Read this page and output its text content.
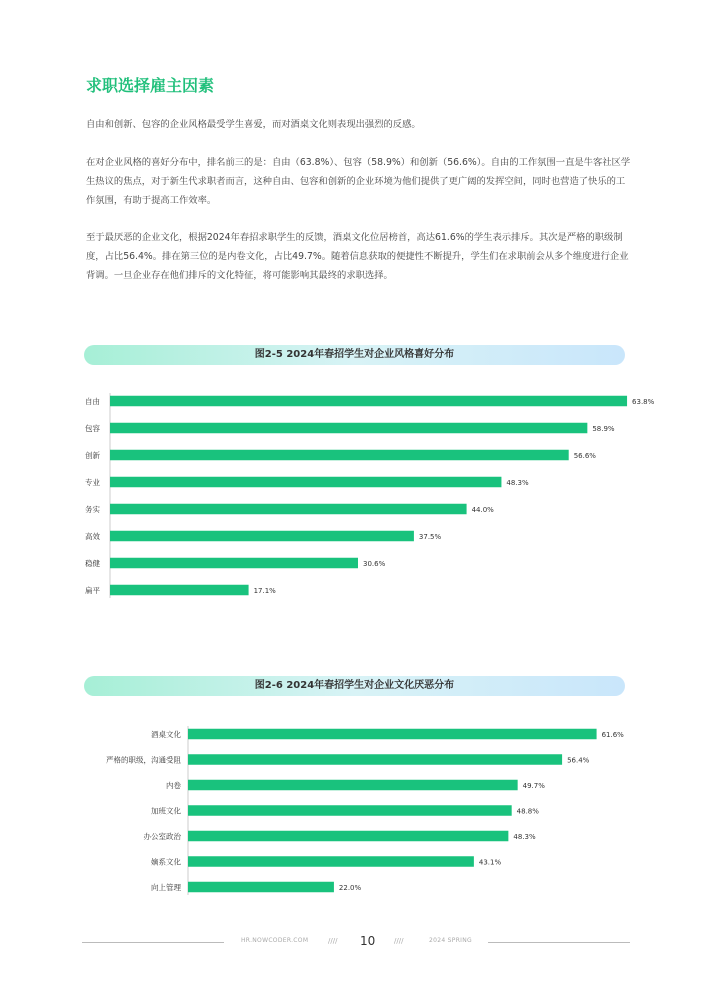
求职选择雇主因素

自由和创新、包容的企业风格最受学生喜爱，而对酒桌文化则表现出强烈的反感。

在对企业风格的喜好分布中，排名前三的是：自由（63.8%）、包容（58.9%）和创新（56.6%）。自由的工作氛围一直是牛客社区学生热议的焦点，对于新生代求职者而言，这种自由、包容和创新的企业环境为他们提供了更广阔的发挥空间，同时也营造了快乐的工作氛围，有助于提高工作效率。

至于最厌恶的企业文化，根据2024年春招求职学生的反馈，酒桌文化位居榜首，高达61.6%的学生表示排斥。其次是严格的职级制度，占比56.4%。排在第三位的是内卷文化，占比49.7%。随着信息获取的便捷性不断提升，学生们在求职前会从多个维度进行企业背调。一旦企业存在他们排斥的文化特征，将可能影响其最终的求职选择。

图2-5 2024年春招学生对企业风格喜好分布
自由	63.8%
包容	58.9%
创新	56.6%
专业	48.3%
务实	44.0%
高效	37.5%
稳健	30.6%
扁平	17.1%
图2-6 2024年春招学生对企业文化厌恶分布
酒桌文化	61.6%
严格的职级，沟通受阻	56.4%
内卷	49.7%
加班文化	48.8%
办公室政治	48.3%
嫡系文化	43.1%
向上管理	22.0%
HR.NOWCODER.COM	//// 10	////	2024 SPRING
